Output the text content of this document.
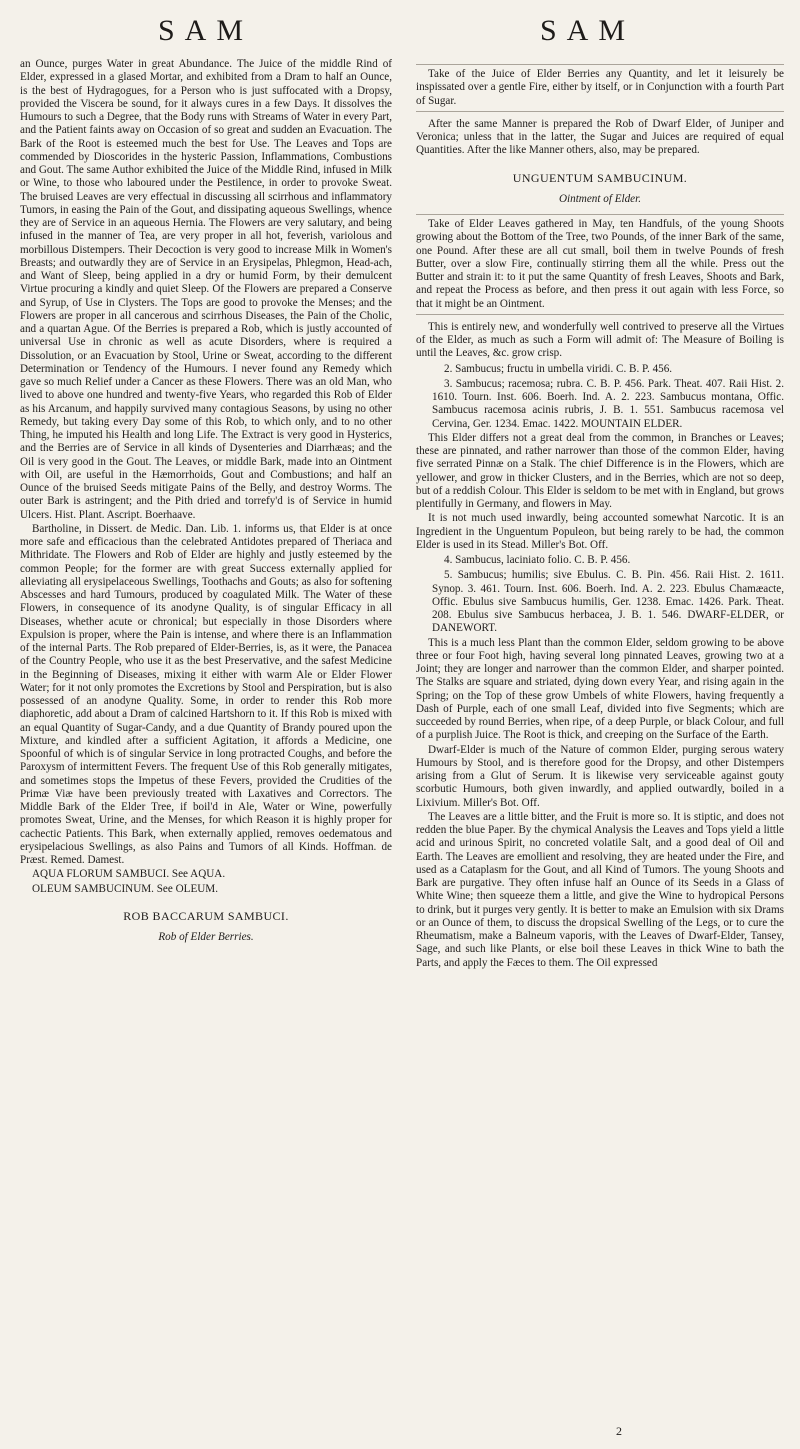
SAM	SAM

an Ounce, purges Water in great Abundance. The Juice of the middle Rind of Elder, expressed in a glased Mortar, and exhibited from a Dram to half an Ounce, is the best of Hydragogues, for a Person who is just suffocated with a Dropsy, provided the Viscera be sound, for it always cures in a few Days. It dissolves the Humours to such a Degree, that the Body runs with Streams of Water in every Part, and the Patient faints away on Occasion of so great and sudden an Evacuation. The Bark of the Root is esteemed much the best for Use. The Leaves and Tops are commended by Dioscorides in the hysteric Passion, Inflammations, Combustions and Gout. The same Author exhibited the Juice of the Middle Rind, infused in Milk or Wine, to those who laboured under the Pestilence, in order to provoke Sweat. The bruised Leaves are very effectual in discussing all scirrhous and inflammatory Tumors, in easing the Pain of the Gout, and dissipating aqueous Swellings, whence they are of Service in an aqueous Hernia. The Flowers are very salutary, and being infused in the manner of Tea, are very proper in all hot, feverish, variolous and morbillous Distempers. Their Decoction is very good to increase Milk in Women's Breasts; and outwardly they are of Service in an Erysipelas, Phlegmon, Head-ach, and Want of Sleep, being applied in a dry or humid Form, by their demulcent Virtue procuring a kindly and quiet Sleep. Of the Flowers are prepared a Conserve and Syrup, of Use in Clysters. The Tops are good to provoke the Menses; and the Flowers are proper in all cancerous and scirrhous Diseases, the Pain of the Cholic, and a quartan Ague. Of the Berries is prepared a Rob, which is justly accounted of universal Use in chronic as well as acute Disorders, where is required a Dissolution, or an Evacuation by Stool, Urine or Sweat, according to the different Determination or Tendency of the Humours. I never found any Remedy which gave so much Relief under a Cancer as these Flowers. There was an old Man, who lived to above one hundred and twenty-five Years, who regarded this Rob of Elder as his Arcanum, and happily survived many contagious Seasons, by using no other Remedy, but taking every Day some of this Rob, to which only, and to no other Thing, he imputed his Health and long Life. The Extract is very good in Hysterics, and the Berries are of Service in all kinds of Dysenteries and Diarrhæas; and the Oil is very good in the Gout. The Leaves, or middle Bark, made into an Ointment with Oil, are useful in the Hæmorrhoids, Gout and Combustions; and half an Ounce of the bruised Seeds mitigate Pains of the Belly, and destroy Worms. The outer Bark is astringent; and the Pith dried and torrefy'd is of Service in humid Ulcers. Hist. Plant. Ascript. Boerhaave.

Bartholine, in Dissert. de Medic. Dan. Lib. 1. informs us, that Elder is at once more safe and efficacious than the celebrated Antidotes prepared of Theriaca and Mithridate. The Flowers and Rob of Elder are highly and justly esteemed by the common People; for the former are with great Success externally applied for alleviating all erysipelaceous Swellings, Toothachs and Gouts; as also for softening Abscesses and hard Tumours, produced by coagulated Milk. The Water of these Flowers, in consequence of its anodyne Quality, is of singular Efficacy in all Diseases, whether acute or chronical; but especially in those Disorders where Expulsion is proper, where the Pain is intense, and where there is an Inflammation of the internal Parts. The Rob prepared of Elder-Berries, is, as it were, the Panacea of the Country People, who use it as the best Preservative, and the safest Medicine in the Beginning of Diseases, mixing it either with warm Ale or Elder Flower Water; for it not only promotes the Excretions by Stool and Perspiration, but is also possessed of an anodyne Quality. Some, in order to render this Rob more diaphoretic, add about a Dram of calcined Hartshorn to it. If this Rob is mixed with an equal Quantity of Sugar-Candy, and a due Quantity of Brandy poured upon the Mixture, and kindled after a sufficient Agitation, it affords a Medicine, one Spoonful of which is of singular Service in long protracted Coughs, and before the Paroxysm of intermittent Fevers. The frequent Use of this Rob generally mitigates, and sometimes stops the Impetus of these Fevers, provided the Crudities of the Primæ Viæ have been previously treated with Laxatives and Correctors. The Middle Bark of the Elder Tree, if boil'd in Ale, Water or Wine, powerfully promotes Sweat, Urine, and the Menses, for which Reason it is highly proper for cachectic Patients. This Bark, when externally applied, removes oedematous and erysipelacious Swellings, as also Pains and Tumors of all Kinds. Hoffman. de Præst. Remed. Damest.

AQUA FLORUM SAMBUCI. See AQUA.

OLEUM SAMBUCINUM. See OLEUM.

ROB BACCARUM SAMBUCI.

Rob of Elder Berries.

Take of the Juice of Elder Berries any Quantity, and let it leisurely be inspissated over a gentle Fire, either by itself, or in Conjunction with a fourth Part of Sugar.

After the same Manner is prepared the Rob of Dwarf Elder, of Juniper and Veronica; unless that in the latter, the Sugar and Juices are required of equal Quantities. After the like Manner others, also, may be prepared.

UNGUENTUM SAMBUCINUM.

Ointment of Elder.

Take of Elder Leaves gathered in May, ten Handfuls, of the young Shoots growing about the Bottom of the Tree, two Pounds, of the inner Bark of the same, one Pound. After these are all cut small, boil them in twelve Pounds of fresh Butter, over a slow Fire, continually stirring them all the while. Press out the Butter and strain it: to it put the same Quantity of fresh Leaves, Shoots and Bark, and repeat the Process as before, and then press it out again with less Force, so that it might be an Ointment.

This is entirely new, and wonderfully well contrived to preserve all the Virtues of the Elder, as much as such a Form will admit of: The Measure of Boiling is until the Leaves, &c. grow crisp.

2. Sambucus; fructu in umbella viridi. C. B. P. 456.

3. Sambucus; racemosa; rubra. C. B. P. 456. Park. Theat. 407. Raii Hist. 2. 1610. Tourn. Inst. 606. Boerh. Ind. A. 2. 223. Sambucus montana, Offic. Sambucus racemosa acinis rubris, J. B. 1. 551. Sambucus racemosa vel Cervina, Ger. 1234. Emac. 1422. MOUNTAIN ELDER.

This Elder differs not a great deal from the common, in Branches or Leaves; these are pinnated, and rather narrower than those of the common Elder, having five serrated Pinnæ on a Stalk. The chief Difference is in the Flowers, which are yellower, and grow in thicker Clusters, and in the Berries, which are not so deep, but of a reddish Colour. This Elder is seldom to be met with in England, but grows plentifully in Germany, and flowers in May.

It is not much used inwardly, being accounted somewhat Narcotic. It is an Ingredient in the Unguentum Populeon, but being rarely to be had, the common Elder is used in its Stead. Miller's Bot. Off.

4. Sambucus, laciniato folio. C. B. P. 456.

5. Sambucus; humilis; sive Ebulus. C. B. Pin. 456. Raii Hist. 2. 1611. Synop. 3. 461. Tourn. Inst. 606. Boerh. Ind. A. 2. 223. Ebulus Chamæacte, Offic. Ebulus sive Sambucus humilis, Ger. 1238. Emac. 1426. Park. Theat. 208. Ebulus sive Sambucus herbacea, J. B. 1. 546. DWARF-ELDER, or DANEWORT.

This is a much less Plant than the common Elder, seldom growing to be above three or four Foot high, having several long pinnated Leaves, growing two at a Joint; they are longer and narrower than the common Elder, and sharper pointed. The Stalks are square and striated, dying down every Year, and rising again in the Spring; on the Top of these grow Umbels of white Flowers, having frequently a Dash of Purple, each of one small Leaf, divided into five Segments; which are succeeded by round Berries, when ripe, of a deep Purple, or black Colour, and full of a purplish Juice. The Root is thick, and creeping on the Surface of the Earth.

Dwarf-Elder is much of the Nature of common Elder, purging serous watery Humours by Stool, and is therefore good for the Dropsy, and other Distempers arising from a Glut of Serum. It is likewise very serviceable against gouty scorbutic Humours, both given inwardly, and applied outwardly, boiled in a Lixivium. Miller's Bot. Off.

The Leaves are a little bitter, and the Fruit is more so. It is stiptic, and does not redden the blue Paper. By the chymical Analysis the Leaves and Tops yield a little acid and urinous Spirit, no concreted volatile Salt, and a good deal of Oil and Earth. The Leaves are emollient and resolving, they are heated under the Fire, and used as a Cataplasm for the Gout, and all Kind of Tumors. The young Shoots and Bark are purgative. They often infuse half an Ounce of its Seeds in a Glass of White Wine; then squeeze them a little, and give the Wine to hydropical Persons to drink, but it purges very gently. It is better to make an Emulsion with six Drams or an Ounce of them, to discuss the dropsical Swelling of the Legs, or to cure the Rheumatism, make a Balneum vaporis, with the Leaves of Dwarf-Elder, Tansey, Sage, and such like Plants, or else boil these Leaves in thick Wine to bath the Parts, and apply the Fæces to them. The Oil expressed

2
